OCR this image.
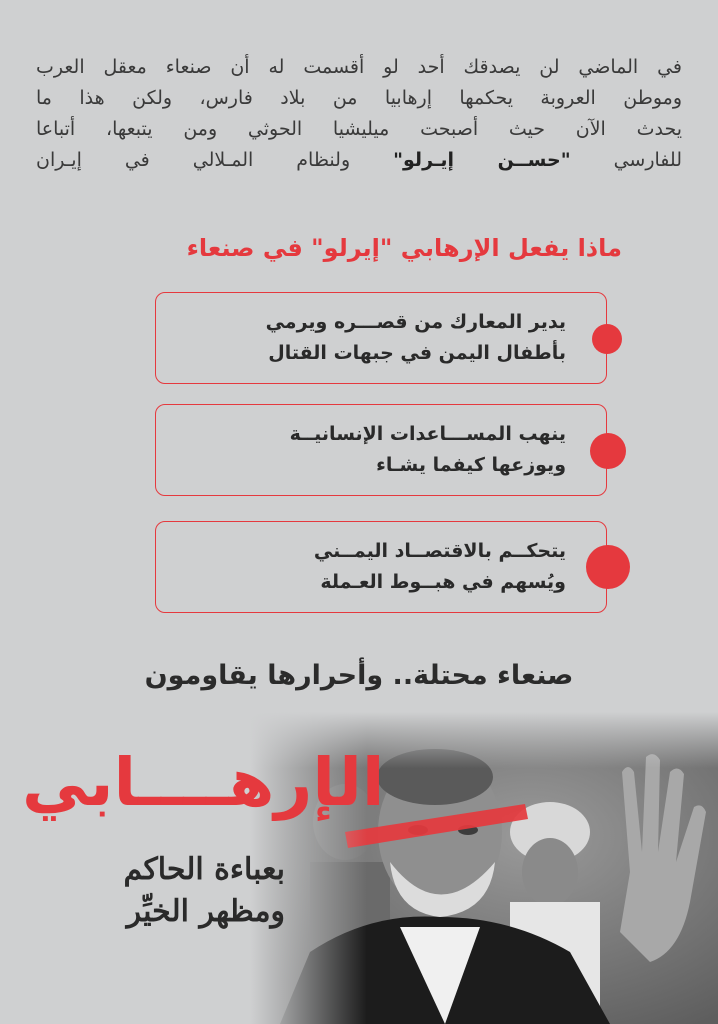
في الماضي لن يصدقك أحد لو أقسمت له أن صنعاء معقل العرب

وموطن العروبة يحكمها إرهابيا من بلاد فارس، ولكن هذا ما

يحدث الآن حيث أصبحت ميليشيا الحوثي ومن يتبعها، أتباعا

للفارسي "حســن إيـرلو" ولنظام المـلالي في إيـران

ماذا يفعل الإرهابي "إيرلو" في صنعاء
يدير المعارك من قصـــره ويرمي
بأطفال اليمن في جبهات القتال
ينهب المســـاعدات الإنسانيــة
ويوزعها كيفما يشـاء
يتحكــم بالاقتصــاد اليمــني
ويُسهم في هبــوط العـملة
صنعاء محتلة.. وأحرارها يقاومون
الإرهــــابي
بعباءة الحاكم
ومظهر الخيِّر
